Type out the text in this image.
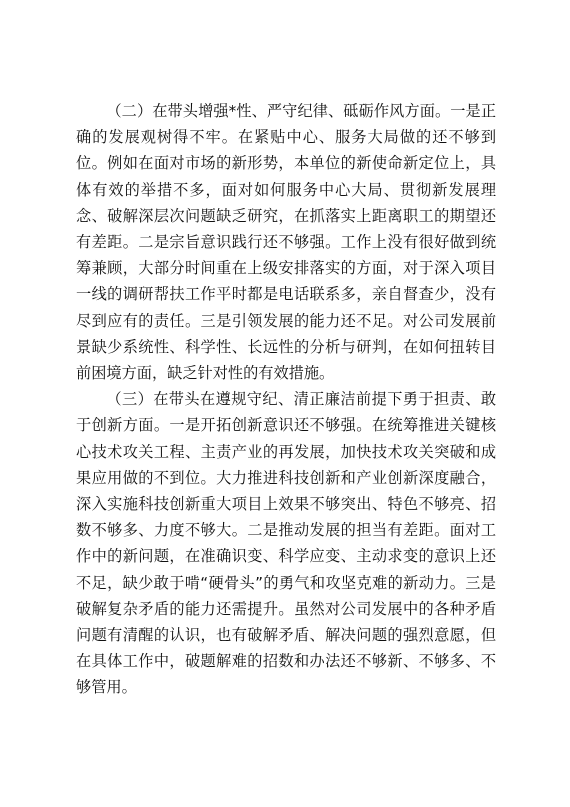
（二）在带头增强*性、严守纪律、砥砺作风方面。一是正确的发展观树得不牢。在紧贴中心、服务大局做的还不够到位。例如在面对市场的新形势，本单位的新使命新定位上，具体有效的举措不多，面对如何服务中心大局、贯彻新发展理念、破解深层次问题缺乏研究，在抓落实上距离职工的期望还有差距。二是宗旨意识践行还不够强。工作上没有很好做到统筹兼顾，大部分时间重在上级安排落实的方面，对于深入项目一线的调研帮扶工作平时都是电话联系多，亲自督查少，没有尽到应有的责任。三是引领发展的能力还不足。对公司发展前景缺少系统性、科学性、长远性的分析与研判，在如何扭转目前困境方面，缺乏针对性的有效措施。

（三）在带头在遵规守纪、清正廉洁前提下勇于担责、敢于创新方面。一是开拓创新意识还不够强。在统筹推进关键核心技术攻关工程、主责产业的再发展，加快技术攻关突破和成果应用做的不到位。大力推进科技创新和产业创新深度融合，深入实施科技创新重大项目上效果不够突出、特色不够亮、招数不够多、力度不够大。二是推动发展的担当有差距。面对工作中的新问题，在准确识变、科学应变、主动求变的意识上还不足，缺少敢于啃“硬骨头”的勇气和攻坚克难的新动力。三是破解复杂矛盾的能力还需提升。虽然对公司发展中的各种矛盾问题有清醒的认识，也有破解矛盾、解决问题的强烈意愿，但在具体工作中，破题解难的招数和办法还不够新、不够多、不够管用。
